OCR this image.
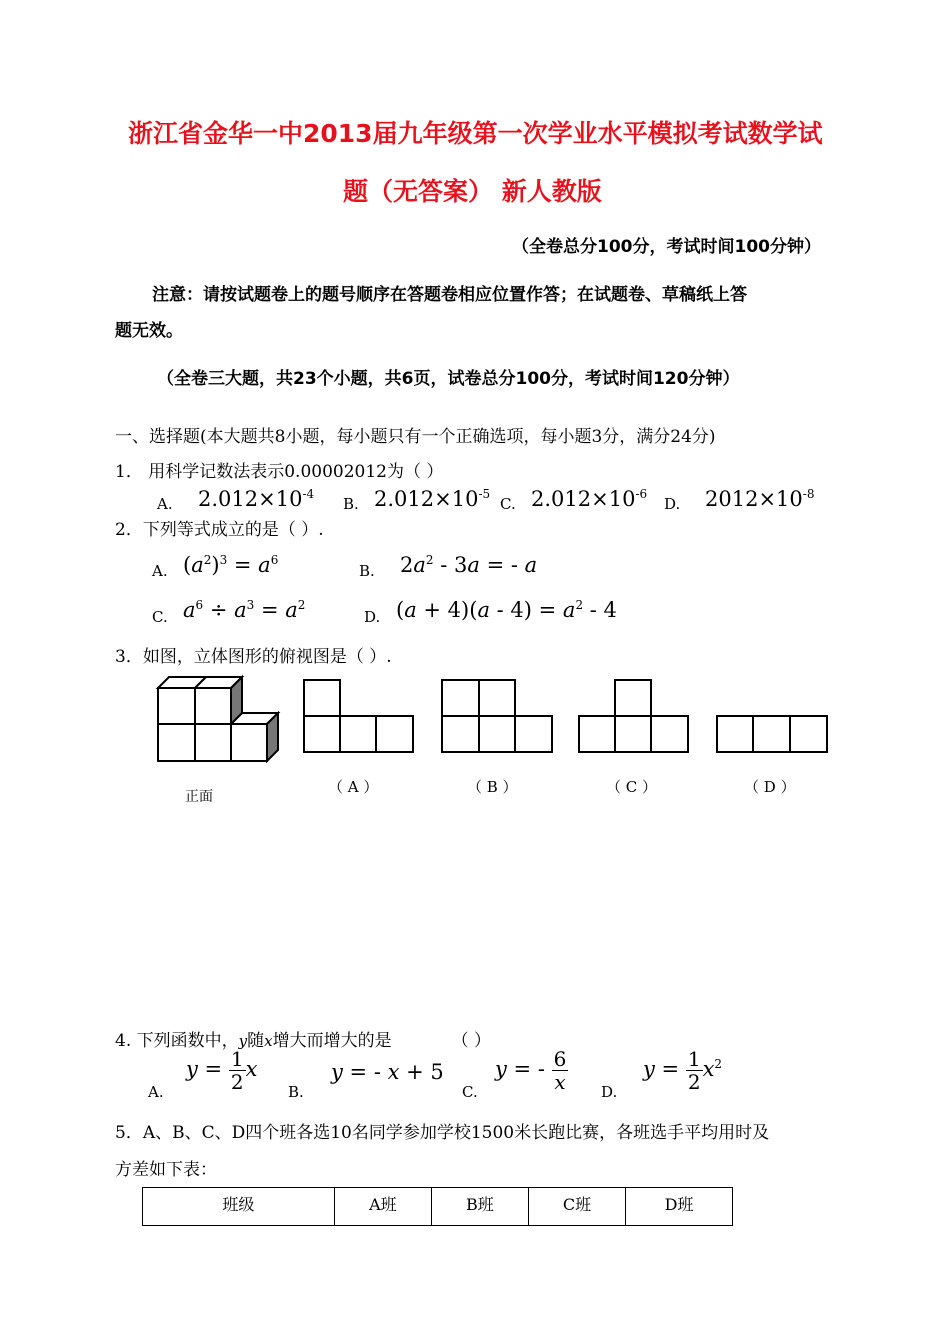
浙江省金华一中2013届九年级第一次学业水平模拟考试数学试
题（无答案） 新人教版
（全卷总分100分，考试时间100分钟）
注意：请按试题卷上的题号顺序在答题卷相应位置作答；在试题卷、草稿纸上答
题无效。
（全卷三大题，共23个小题，共6页，试卷总分100分，考试时间120分钟）
一、选择题(本大题共8小题，每小题只有一个正确选项，每小题3分，满分24分)
1． 用科学记数法表示0.00002012为（ ）
A. $2.012\times 10^{-4}$
B. $2.012\times 10^{-5}$
C. $2.012\times 10^{-6}$
D. $2012\times 10^{-8}$
2．下列等式成立的是（ ）.
A. $(a^2)^3 = a^6$
B. $2a^2 - 3a$ = - a
C. $a^6 \div a^3 = a^2$
D. $(a + 4)(a - 4) = a^2 - 4$
3．如图，立体图形的俯视图是（ ）.
正面
（ A ）	（ B ）	（ C ）	（ D ）
4. 下列函数中，y随x增大而增大的是	（ ）
A.
$y = \frac{1}{2}$ x
B.
y = - x + 5
C.
y = - $\frac{6}{x} D$.
$y = \frac{1}{2} x^2$
5．A、B、C、D四个班各选10名同学参加学校1500米长跑比赛，各班选手平均用时及
方差如下表：
班级	A班	B班	C班	D班
